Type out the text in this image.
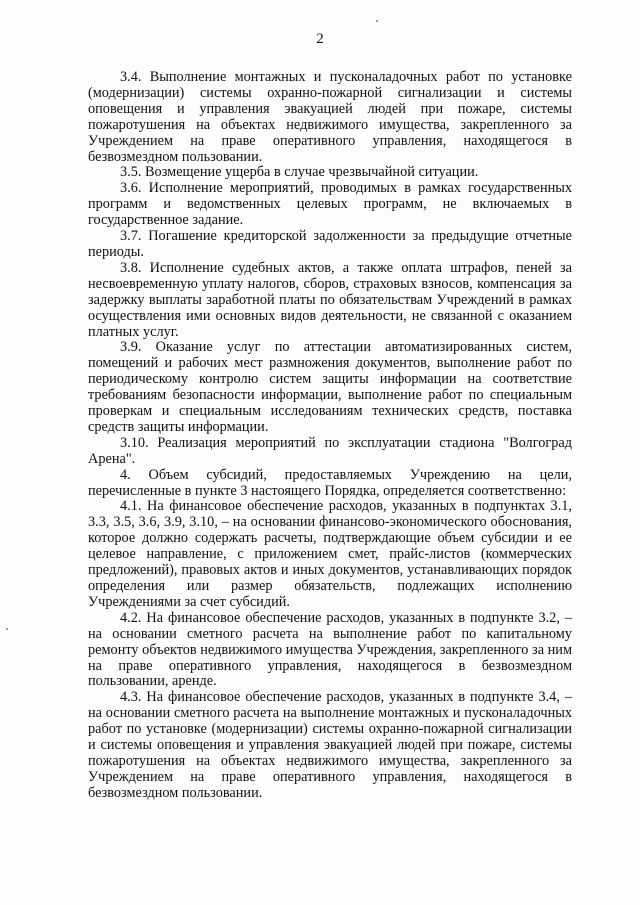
2

3.4. Выполнение монтажных и пусконаладочных работ по установке (модернизации) системы охранно-пожарной сигнализации и системы оповещения и управления эвакуацией людей при пожаре, системы пожаротушения на объектах недвижимого имущества, закрепленного за Учреждением на праве оперативного управления, находящегося в безвозмездном пользовании.

3.5. Возмещение ущерба в случае чрезвычайной ситуации.

3.6. Исполнение мероприятий, проводимых в рамках государственных программ и ведомственных целевых программ, не включаемых в государственное задание.

3.7. Погашение кредиторской задолженности за предыдущие отчетные периоды.

3.8. Исполнение судебных актов, а также оплата штрафов, пеней за несвоевременную уплату налогов, сборов, страховых взносов, компенсация за задержку выплаты заработной платы по обязательствам Учреждений в рамках осуществления ими основных видов деятельности, не связанной с оказанием платных услуг.

3.9. Оказание услуг по аттестации автоматизированных систем, помещений и рабочих мест размножения документов, выполнение работ по периодическому контролю систем защиты информации на соответствие требованиям безопасности информации, выполнение работ по специальным проверкам и специальным исследованиям технических средств, поставка средств защиты информации.

3.10. Реализация мероприятий по эксплуатации стадиона "Волгоград Арена".

4. Объем субсидий, предоставляемых Учреждению на цели, перечисленные в пункте 3 настоящего Порядка, определяется соответственно:

4.1. На финансовое обеспечение расходов, указанных в подпунктах 3.1, 3.3, 3.5, 3.6, 3.9, 3.10, – на основании финансово-экономического обоснования, которое должно содержать расчеты, подтверждающие объем субсидии и ее целевое направление, с приложением смет, прайс-листов (коммерческих предложений), правовых актов и иных документов, устанавливающих порядок определения или размер обязательств, подлежащих исполнению Учреждениями за счет субсидий.

4.2. На финансовое обеспечение расходов, указанных в подпункте 3.2, – на основании сметного расчета на выполнение работ по капитальному ремонту объектов недвижимого имущества Учреждения, закрепленного за ним на праве оперативного управления, находящегося в безвозмездном пользовании, аренде.

4.3. На финансовое обеспечение расходов, указанных в подпункте 3.4, – на основании сметного расчета на выполнение монтажных и пусконаладочных работ по установке (модернизации) системы охранно-пожарной сигнализации и системы оповещения и управления эвакуацией людей при пожаре, системы пожаротушения на объектах недвижимого имущества, закрепленного за Учреждением на праве оперативного управления, находящегося в безвозмездном пользовании.
